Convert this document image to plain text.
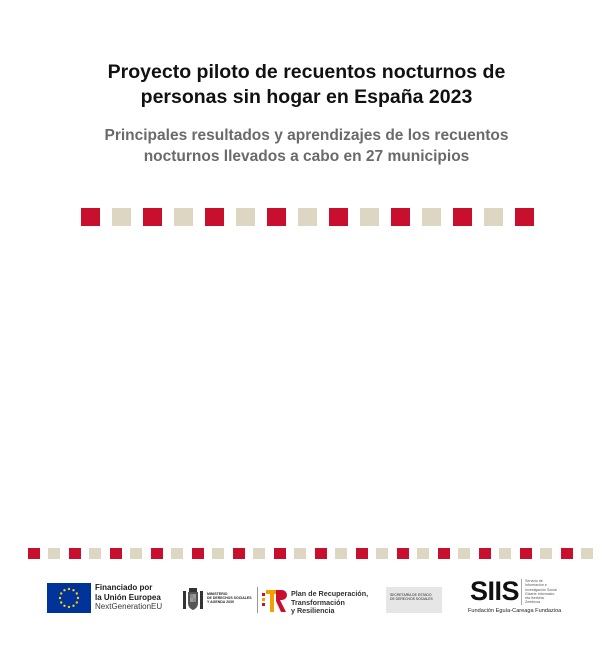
Proyecto piloto de recuentos nocturnos de
personas sin hogar en España 2023
Principales resultados y aprendizajes de los recuentos
nocturnos llevados a cabo en 27 municipios
Financiado por
la Unión Europea
NextGenerationEU
MINISTERIO
DE DERECHOS SOCIALES
Y AGENDA 2030
Plan de Recuperación,
Transformación
y Resiliencia
SECRETARÍA DE ESTADO
DE DERECHOS SOCIALES SIIS Servicio de
Información e
Investigación Social
Gizarte Informazio
eta Ikerketa
Zerbitzua
Fundación Eguía-Careaga Fundazioa
